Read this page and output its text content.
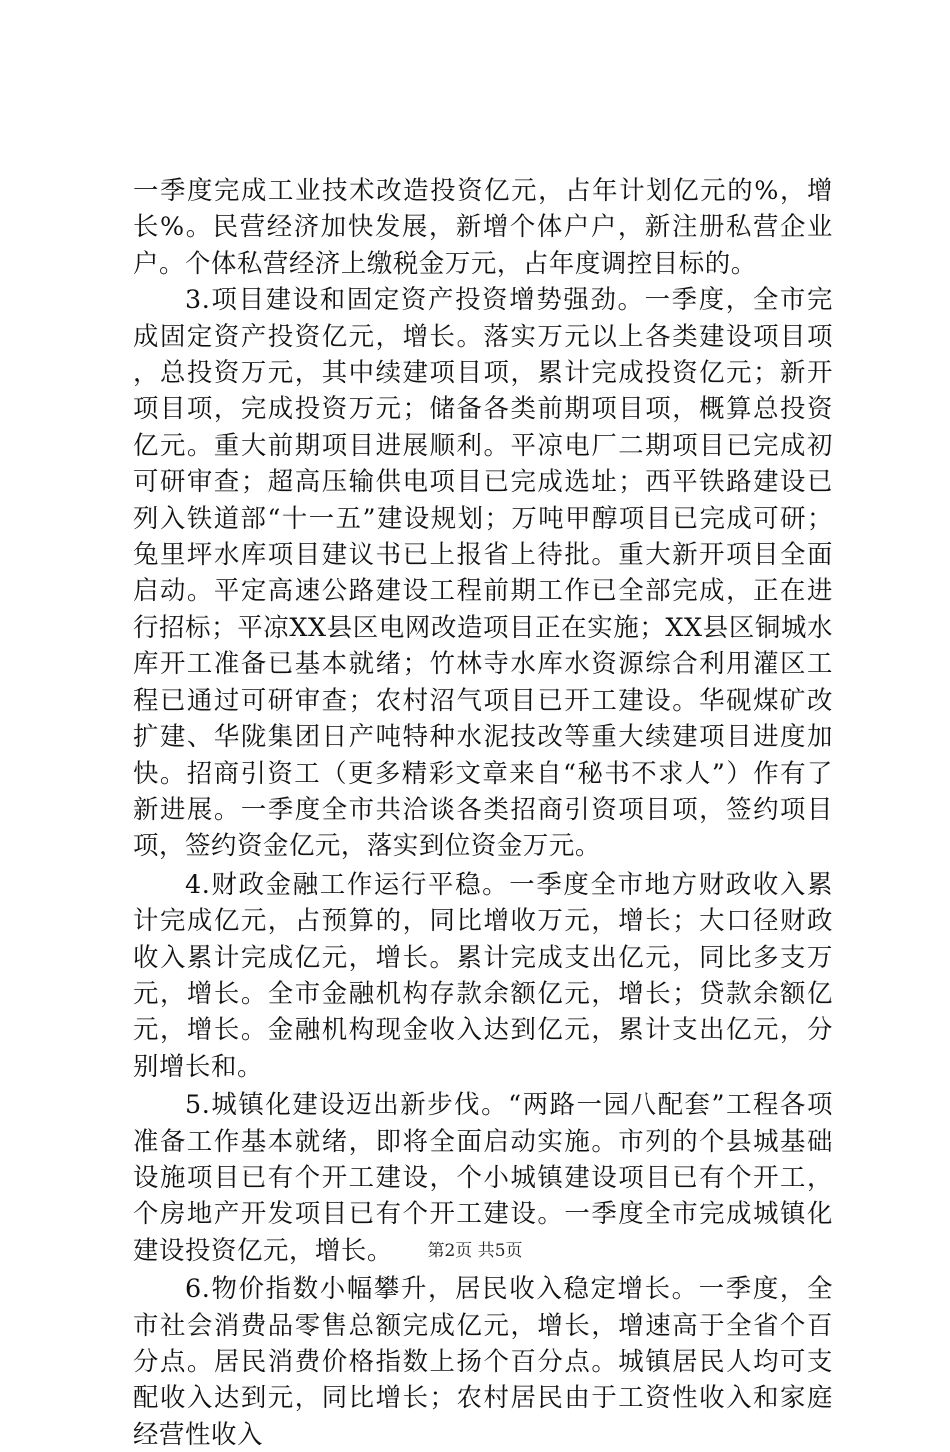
一季度完成工业技术改造投资亿元，占年计划亿元的%，增长%。民营经济加快发展，新增个体户户，新注册私营企业户。个体私营经济上缴税金万元，占年度调控目标的。

3.项目建设和固定资产投资增势强劲。一季度，全市完成固定资产投资亿元，增长。落实万元以上各类建设项目项，总投资万元，其中续建项目项，累计完成投资亿元；新开项目项，完成投资万元；储备各类前期项目项，概算总投资亿元。重大前期项目进展顺利。平凉电厂二期项目已完成初可研审查；超高压输供电项目已完成选址；西平铁路建设已列入铁道部“十一五”建设规划；万吨甲醇项目已完成可研；兔里坪水库项目建议书已上报省上待批。重大新开项目全面启动。平定高速公路建设工程前期工作已全部完成，正在进行招标；平凉XX县区电网改造项目正在实施；XX县区铜城水库开工准备已基本就绪；竹林寺水库水资源综合利用灌区工程已通过可研审查；农村沼气项目已开工建设。华砚煤矿改扩建、华陇集团日产吨特种水泥技改等重大续建项目进度加快。招商引资工（更多精彩文章来自“秘书不求人”）作有了新进展。一季度全市共洽谈各类招商引资项目项，签约项目项，签约资金亿元，落实到位资金万元。

4.财政金融工作运行平稳。一季度全市地方财政收入累计完成亿元，占预算的，同比增收万元，增长；大口径财政收入累计完成亿元，增长。累计完成支出亿元，同比多支万元，增长。全市金融机构存款余额亿元，增长；贷款余额亿元，增长。金融机构现金收入达到亿元，累计支出亿元，分别增长和。

5.城镇化建设迈出新步伐。“两路一园八配套”工程各项准备工作基本就绪，即将全面启动实施。市列的个县城基础设施项目已有个开工建设，个小城镇建设项目已有个开工，个房地产开发项目已有个开工建设。一季度全市完成城镇化建设投资亿元，增长。

6.物价指数小幅攀升，居民收入稳定增长。一季度，全市社会消费品零售总额完成亿元，增长，增速高于全省个百分点。居民消费价格指数上扬个百分点。城镇居民人均可支配收入达到元，同比增长；农村居民由于工资性收入和家庭经营性收入

第2页 共5页
